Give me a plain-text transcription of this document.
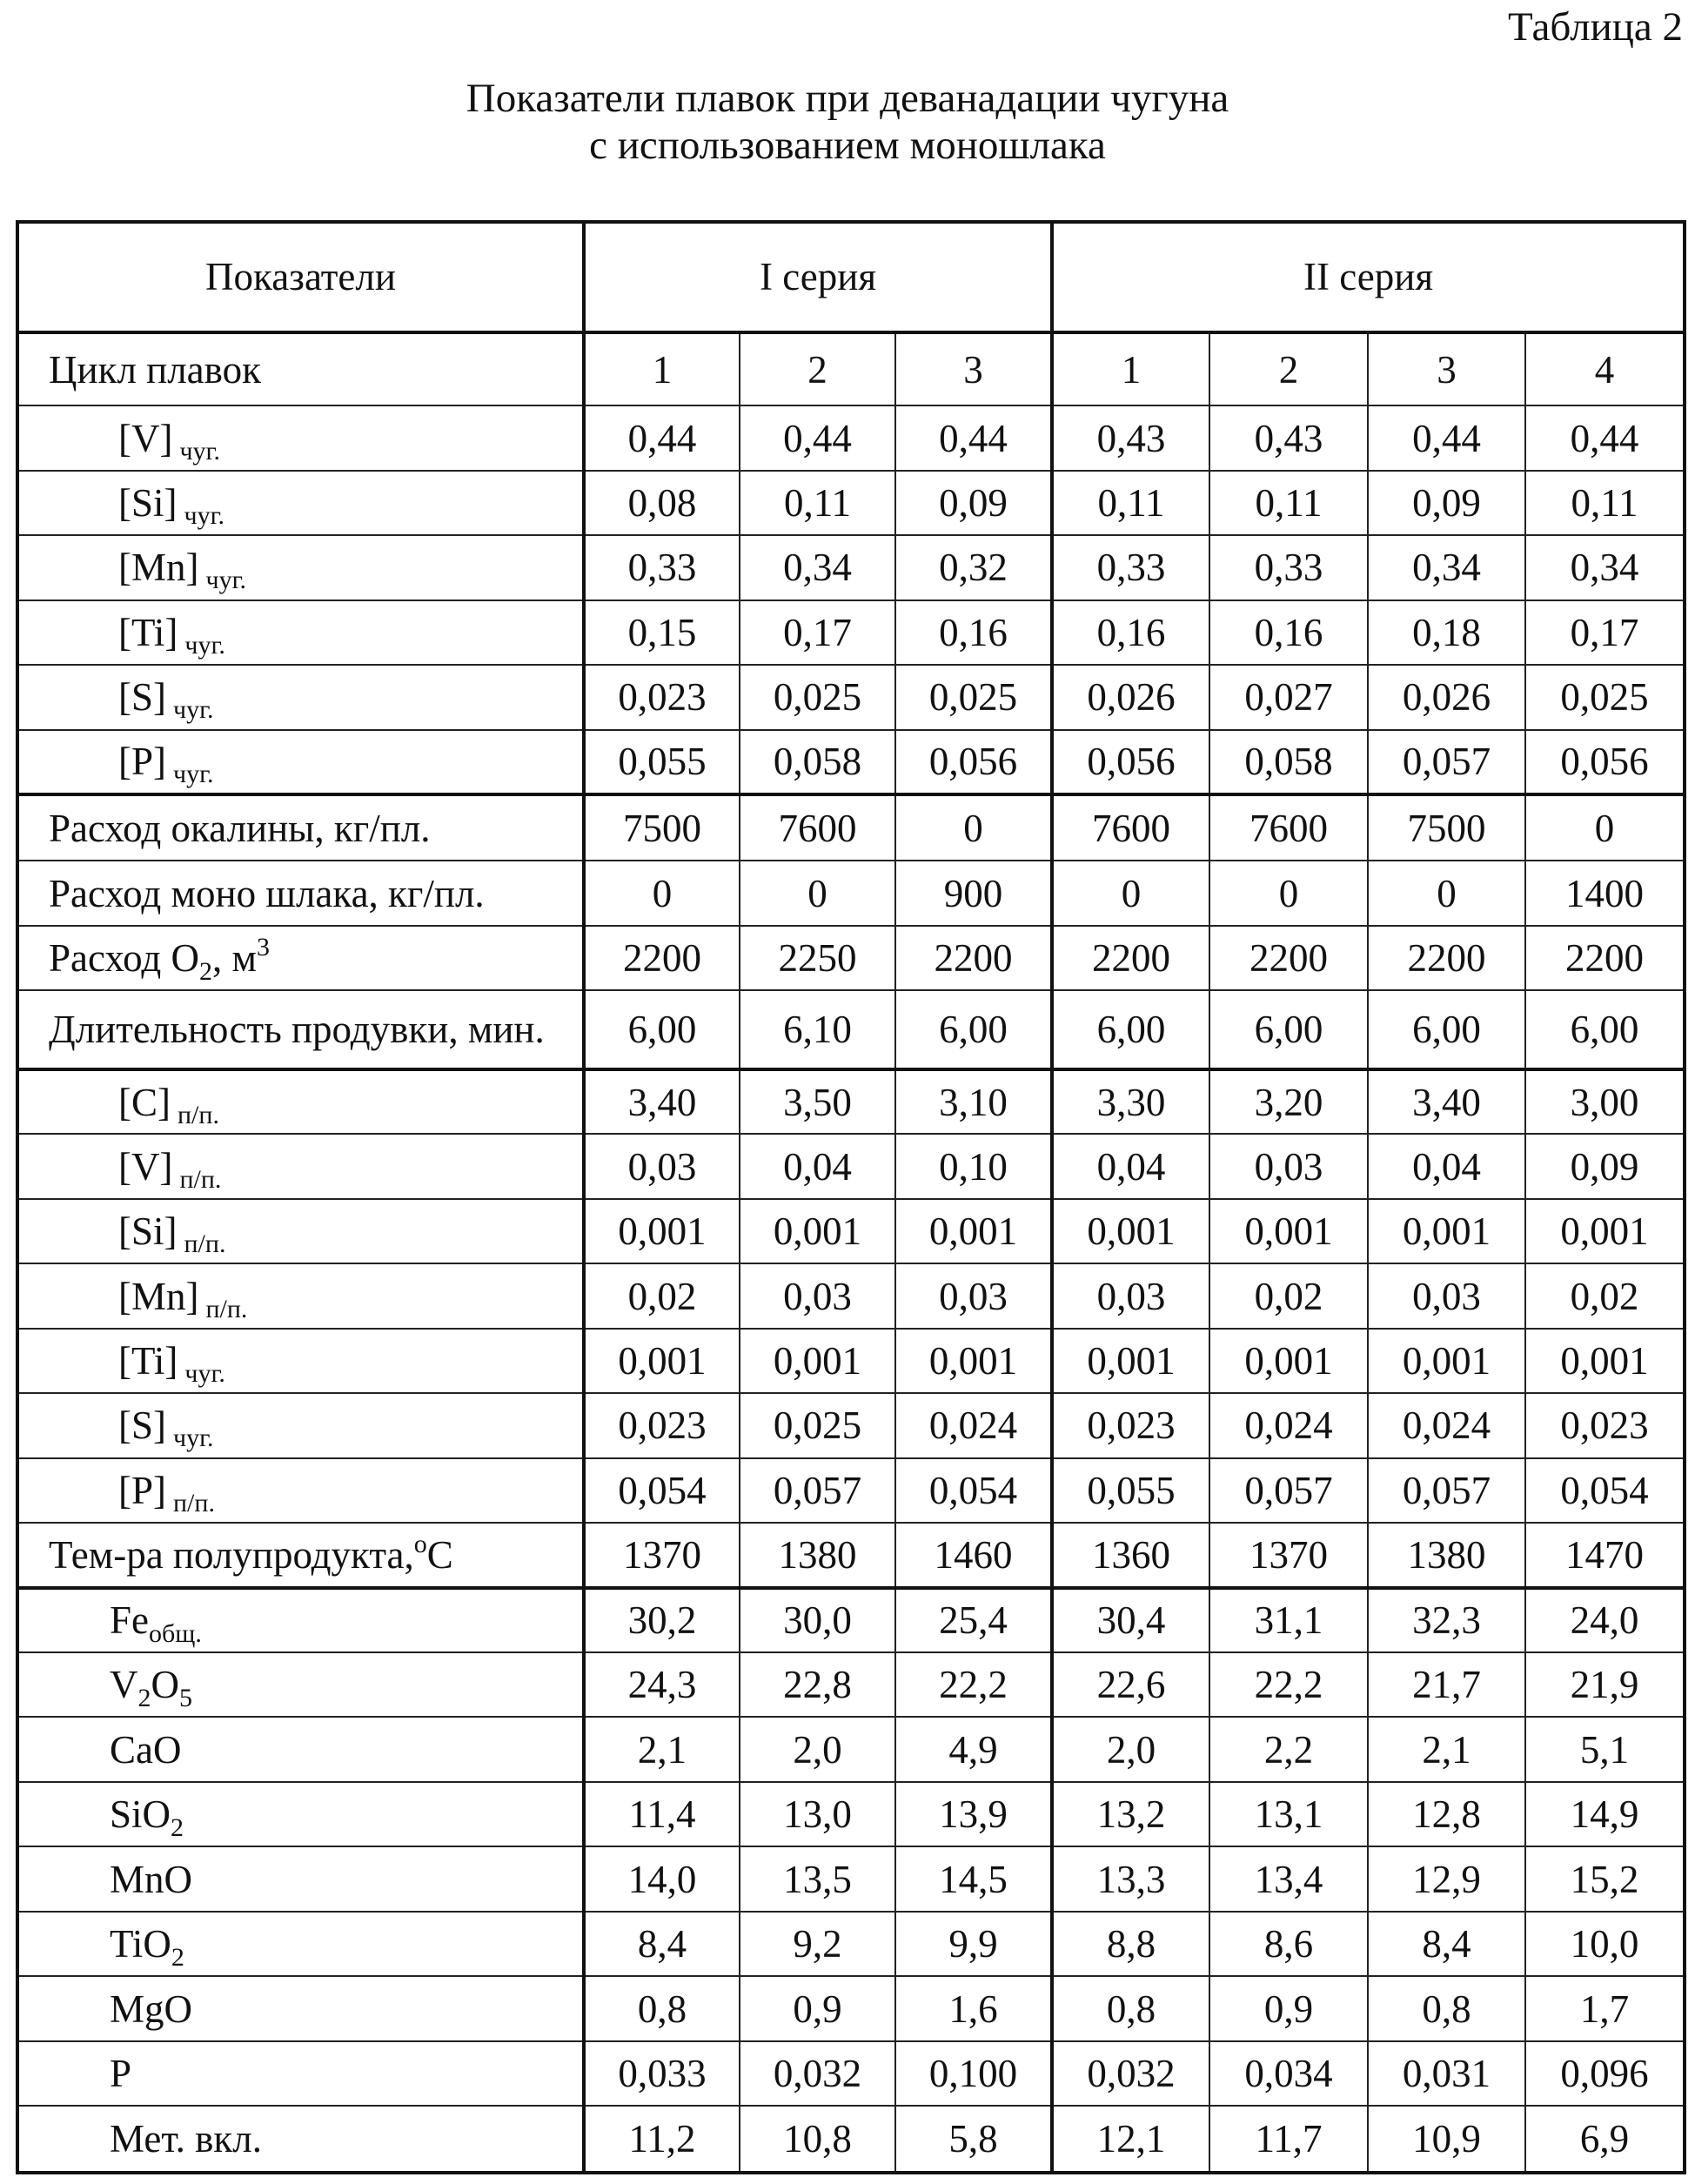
Таблица 2
Показатели плавок при деванадации чугуна
с использованием моношлака
Показатели	I серия	II серия
Цикл плавок	1	2	3	1	2	3	4
[V] чуг.	0,44	0,44	0,44	0,43	0,43	0,44	0,44
[Si] чуг.	0,08	0,11	0,09	0,11	0,11	0,09	0,11
[Mn] чуг.	0,33	0,34	0,32	0,33	0,33	0,34	0,34
[Ti] чуг.	0,15	0,17	0,16	0,16	0,16	0,18	0,17
[S] чуг.	0,023	0,025	0,025	0,026	0,027	0,026	0,025
[P] чуг.	0,055	0,058	0,056	0,056	0,058	0,057	0,056
Расход окалины, кг/пл.	7500	7600	0	7600	7600	7500	0
Расход моно шлака, кг/пл.	0	0	900	0	0	0	1400
Расход O2, м3	2200	2250	2200	2200	2200	2200	2200
Длительность продувки, мин.	6,00	6,10	6,00	6,00	6,00	6,00	6,00
[C] п/п.	3,40	3,50	3,10	3,30	3,20	3,40	3,00
[V] п/п.	0,03	0,04	0,10	0,04	0,03	0,04	0,09
[Si] п/п.	0,001	0,001	0,001	0,001	0,001	0,001	0,001
[Mn] п/п.	0,02	0,03	0,03	0,03	0,02	0,03	0,02
[Ti] чуг.	0,001	0,001	0,001	0,001	0,001	0,001	0,001
[S] чуг.	0,023	0,025	0,024	0,023	0,024	0,024	0,023
[P] п/п.	0,054	0,057	0,054	0,055	0,057	0,057	0,054
Тем-ра полупродукта,oC	1370	1380	1460	1360	1370	1380	1470
Feобщ.	30,2	30,0	25,4	30,4	31,1	32,3	24,0
V2O5	24,3	22,8	22,2	22,6	22,2	21,7	21,9
CaO	2,1	2,0	4,9	2,0	2,2	2,1	5,1
SiO2	11,4	13,0	13,9	13,2	13,1	12,8	14,9
MnO	14,0	13,5	14,5	13,3	13,4	12,9	15,2
TiO2	8,4	9,2	9,9	8,8	8,6	8,4	10,0
MgO	0,8	0,9	1,6	0,8	0,9	0,8	1,7
P	0,033	0,032	0,100	0,032	0,034	0,031	0,096
Мет. вкл.	11,2	10,8	5,8	12,1	11,7	10,9	6,9
